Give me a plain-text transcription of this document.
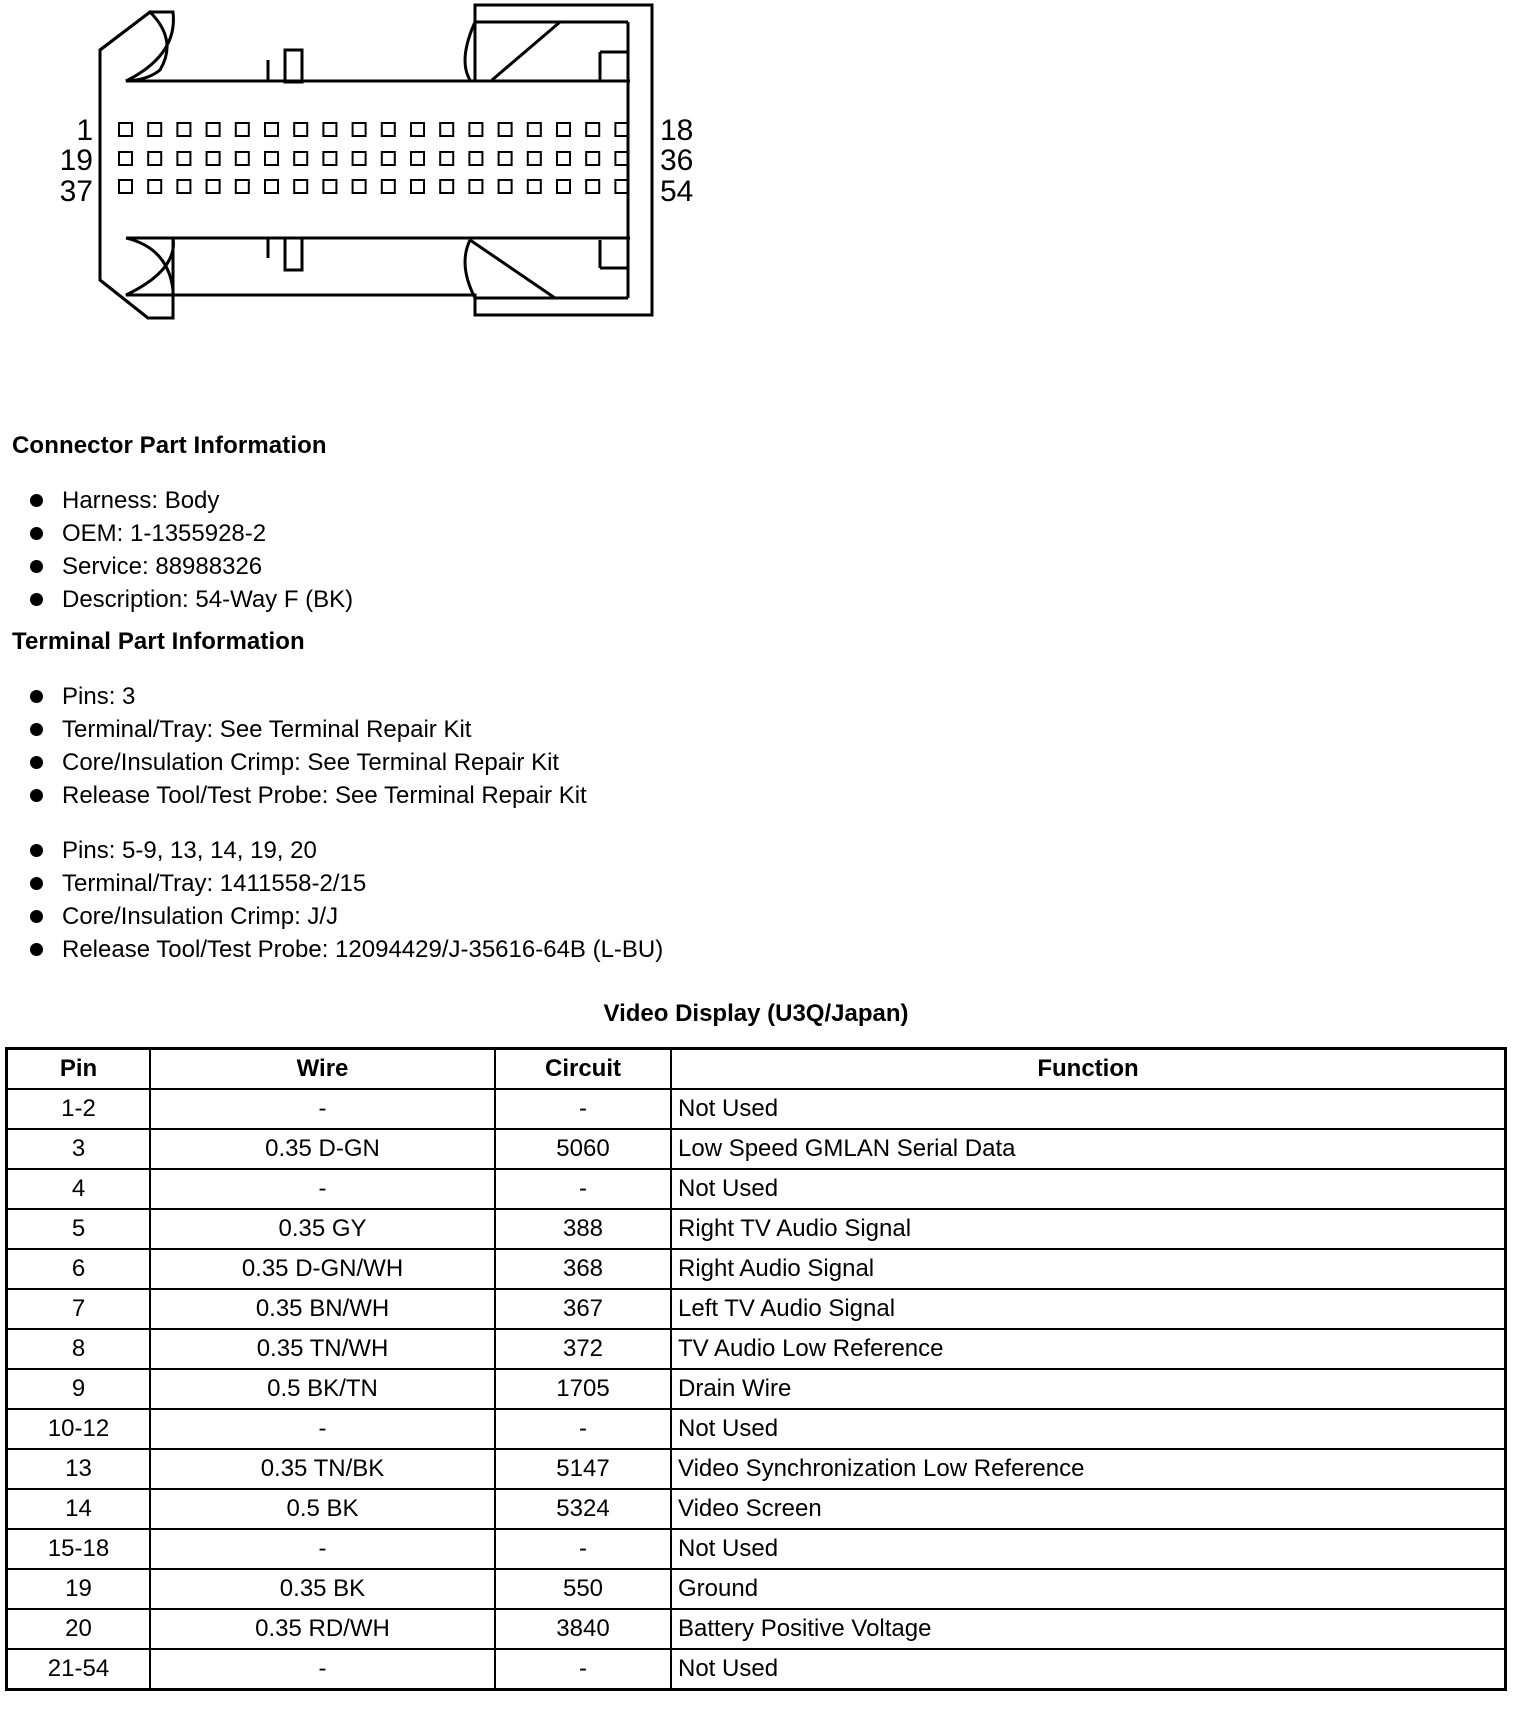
1
19
37
18
36
54
Connector Part Information
Harness: Body
OEM: 1-1355928-2
Service: 88988326
Description: 54-Way F (BK)
Terminal Part Information
Pins: 3
Terminal/Tray: See Terminal Repair Kit
Core/Insulation Crimp: See Terminal Repair Kit
Release Tool/Test Probe: See Terminal Repair Kit
Pins: 5-9, 13, 14, 19, 20
Terminal/Tray: 1411558-2/15
Core/Insulation Crimp: J/J
Release Tool/Test Probe: 12094429/J-35616-64B (L-BU)
Video Display (U3Q/Japan)
Pin	Wire	Circuit	Function
1-2	-	-	Not Used
3	0.35 D-GN	5060	Low Speed GMLAN Serial Data
4	-	-	Not Used
5	0.35 GY	388	Right TV Audio Signal
6	0.35 D-GN/WH	368	Right Audio Signal
7	0.35 BN/WH	367	Left TV Audio Signal
8	0.35 TN/WH	372	TV Audio Low Reference
9	0.5 BK/TN	1705	Drain Wire
10-12	-	-	Not Used
13	0.35 TN/BK	5147	Video Synchronization Low Reference
14	0.5 BK	5324	Video Screen
15-18	-	-	Not Used
19	0.35 BK	550	Ground
20	0.35 RD/WH	3840	Battery Positive Voltage
21-54	-	-	Not Used
